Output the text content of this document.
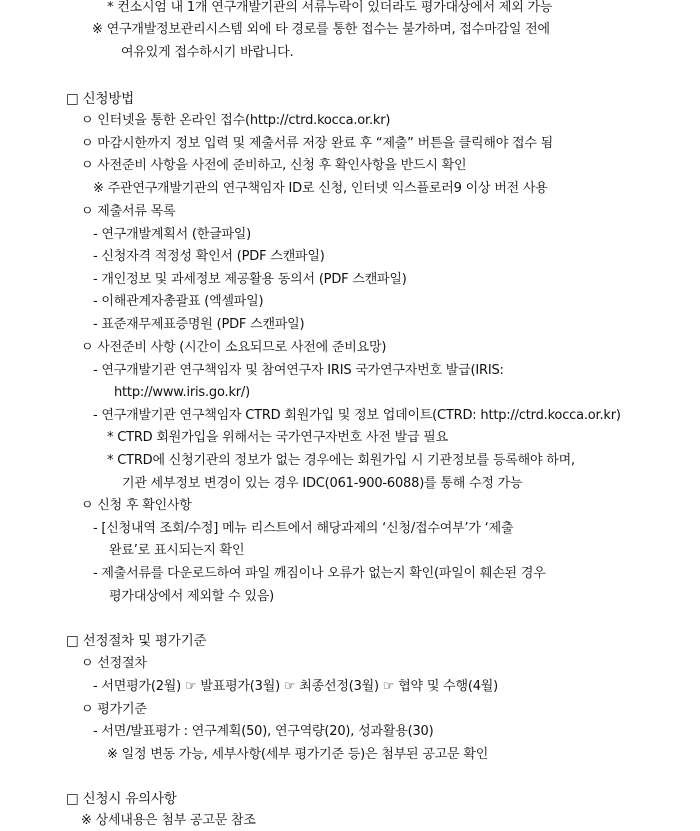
* 컨소시엄 내 1개 연구개발기관의 서류누락이 있더라도 평가대상에서 제외 가능
※ 연구개발정보관리시스템 외에 타 경로를 통한 접수는 불가하며, 접수마감일 전에
여유있게 접수하시기 바랍니다.
□ 신청방법
ㅇ 인터넷을 통한 온라인 접수(http://ctrd.kocca.or.kr)
ㅇ 마감시한까지 정보 입력 및 제출서류 저장 완료 후 “제출” 버튼을 클릭해야 접수 됨
ㅇ 사전준비 사항을 사전에 준비하고, 신청 후 확인사항을 반드시 확인
※ 주관연구개발기관의 연구책임자 ID로 신청, 인터넷 익스플로러9 이상 버전 사용
ㅇ 제출서류 목록
- 연구개발계획서 (한글파일)
- 신청자격 적정성 확인서 (PDF 스캔파일)
- 개인정보 및 과세정보 제공활용 동의서 (PDF 스캔파일)
- 이해관계자총괄표 (엑셀파일)
- 표준재무제표증명원 (PDF 스캔파일)
ㅇ 사전준비 사항 (시간이 소요되므로 사전에 준비요망)
- 연구개발기관 연구책임자 및 참여연구자 IRIS 국가연구자번호 발급(IRIS:
http://www.iris.go.kr/)
- 연구개발기관 연구책임자 CTRD 회원가입 및 정보 업데이트(CTRD: http://ctrd.kocca.or.kr)
* CTRD 회원가입을 위해서는 국가연구자번호 사전 발급 필요
* CTRD에 신청기관의 정보가 없는 경우에는 회원가입 시 기관정보를 등록해야 하며,
기관 세부정보 변경이 있는 경우 IDC(061-900-6088)를 통해 수정 가능
ㅇ 신청 후 확인사항
- [신청내역 조회/수정] 메뉴 리스트에서 해당과제의 ‘신청/접수여부’가 ‘제출
완료’로 표시되는지 확인
- 제출서류를 다운로드하여 파일 깨짐이나 오류가 없는지 확인(파일이 훼손된 경우
평가대상에서 제외할 수 있음)
□ 선정절차 및 평가기준
ㅇ 선정절차
- 서면평가(2월) ☞ 발표평가(3월) ☞ 최종선정(3월) ☞ 협약 및 수행(4월)
ㅇ 평가기준
- 서면/발표평가 : 연구계획(50), 연구역량(20), 성과활용(30)
※ 일정 변동 가능, 세부사항(세부 평가기준 등)은 첨부된 공고문 확인
□ 신청시 유의사항
※ 상세내용은 첨부 공고문 참조
